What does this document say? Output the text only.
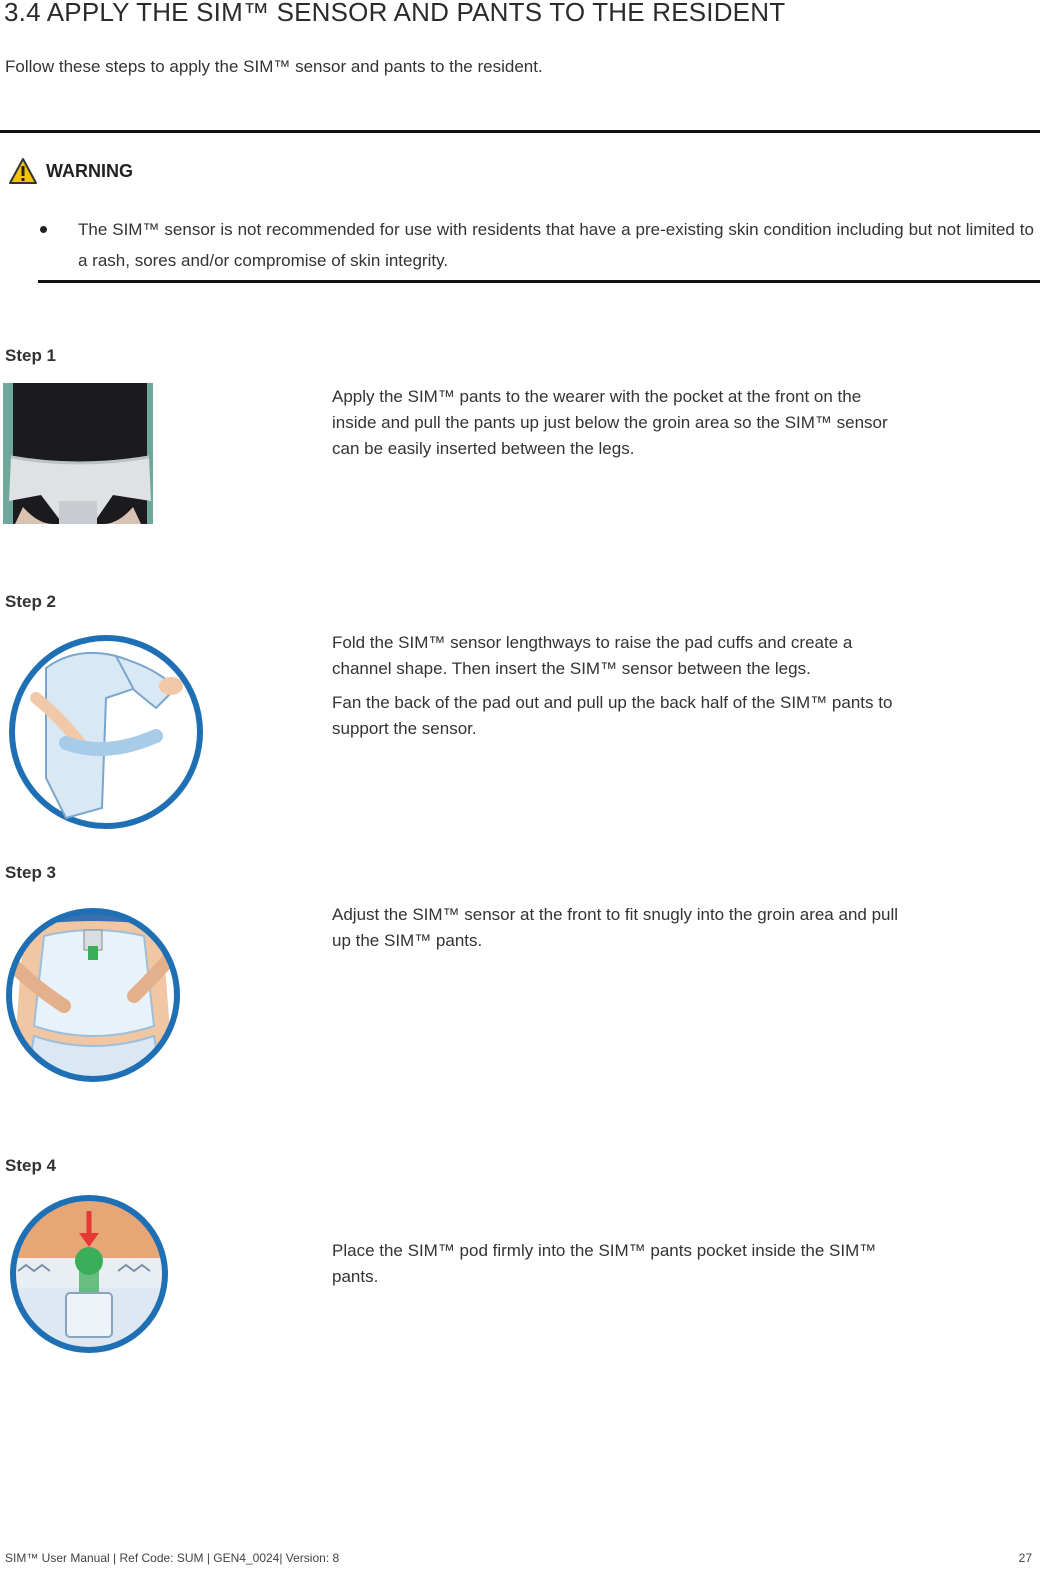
3.4 APPLY THE SIM™ SENSOR AND PANTS TO THE RESIDENT
Follow these steps to apply the SIM™ sensor and pants to the resident.
WARNING
The SIM™ sensor is not recommended for use with residents that have a pre-existing skin condition including but not limited to a rash, sores and/or compromise of skin integrity.
Step 1

Apply the SIM™ pants to the wearer with the pocket at the front on the inside and pull the pants up just below the groin area so the SIM™ sensor can be easily inserted between the legs.

Step 2

Fold the SIM™ sensor lengthways to raise the pad cuffs and create a channel shape. Then insert the SIM™ sensor between the legs.

Fan the back of the pad out and pull up the back half of the SIM™ pants to support the sensor.

Step 3

Adjust the SIM™ sensor at the front to fit snugly into the groin area and pull up the SIM™ pants.

Step 4

Place the SIM™ pod firmly into the SIM™ pants pocket inside the SIM™ pants.

SIM™ User Manual | Ref Code: SUM | GEN4_0024| Version: 8	27
